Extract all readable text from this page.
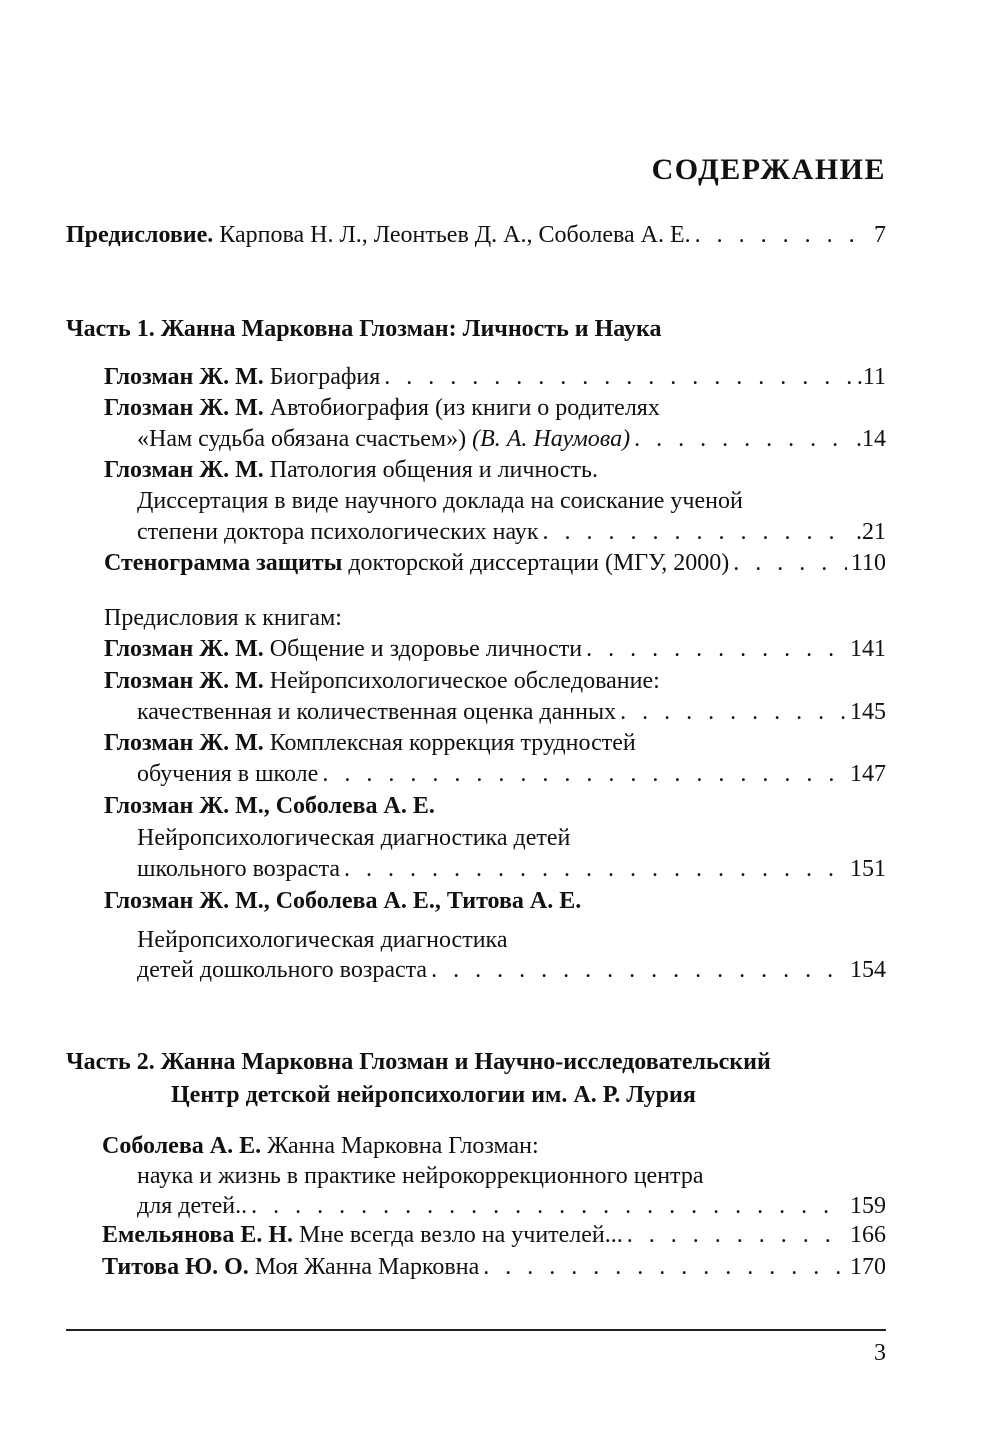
СОДЕРЖАНИЕ
Предисловие. Карпова Н. Л., Леонтьев Д. А., Соболева А. Е. . . .	7
Часть 1. Жанна Марковна Глозман: Личность и Наука
Глозман Ж. М. Биография . . .	.11
Глозман Ж. М. Автобиография (из книги о родителях
«Нам судьба обязана счастьем») (В. А. Наумова) . . .	.14
Глозман Ж. М. Патология общения и личность.
Диссертация в виде научного доклада на соискание ученой
степени доктора психологических наук . . .	.21
Стенограмма защиты докторской диссертации (МГУ, 2000) . . .	110
Предисловия к книгам:
Глозман Ж. М. Общение и здоровье личности . . .	141
Глозман Ж. М. Нейропсихологическое обследование:
качественная и количественная оценка данных . . .	145
Глозман Ж. М. Комплексная коррекция трудностей
обучения в школе . . .	147
Глозман Ж. М., Соболева А. Е.
Нейропсихологическая диагностика детей
школьного возраста . . .	151
Глозман Ж. М., Соболева А. Е., Титова А. Е.
Нейропсихологическая диагностика
детей дошкольного возраста . . .	154
Часть 2. Жанна Марковна Глозман и Научно-исследовательский
Центр детской нейропсихологии им. А. Р. Лурия
Соболева А. Е. Жанна Марковна Глозман:
наука и жизнь в практике нейрокоррекционного центра
для детей.. . . .	159
Емельянова Е. Н. Мне всегда везло на учителей... . . .	166
Титова Ю. О. Моя Жанна Марковна . . .	170
3
